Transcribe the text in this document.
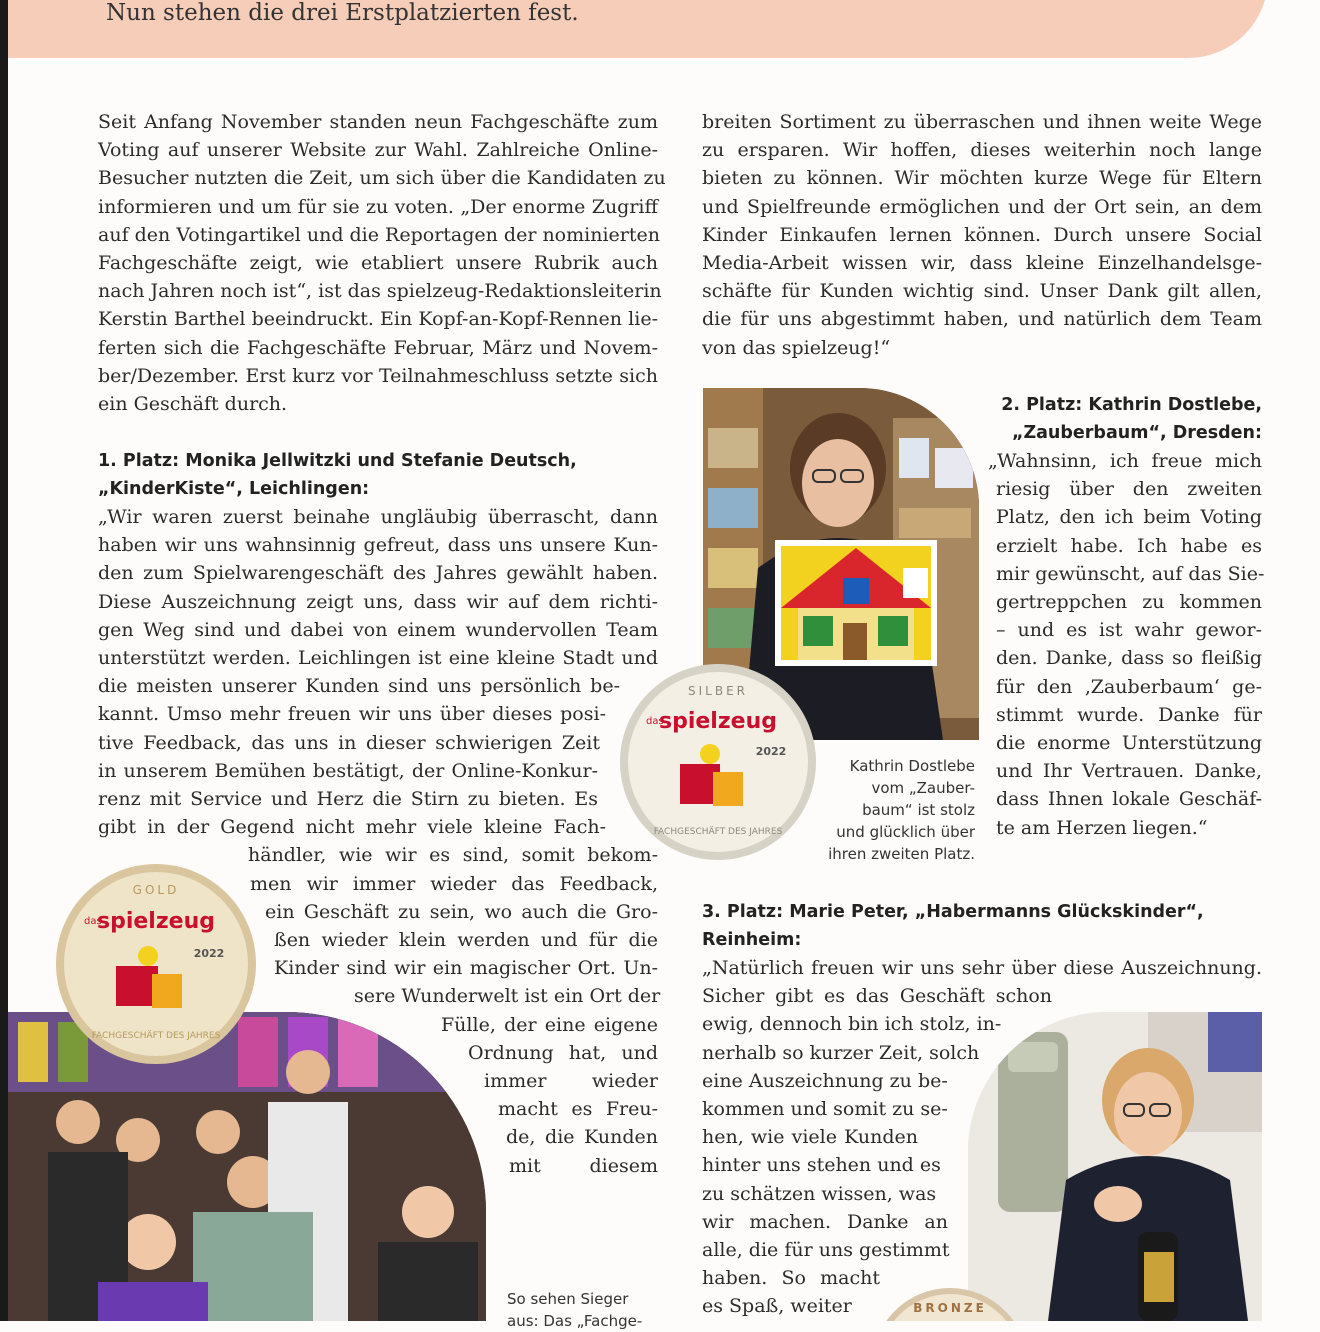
Nun stehen die drei Erstplatzierten fest.
Seit Anfang November standen neun Fachgeschäfte zum
Voting auf unserer Website zur Wahl. Zahlreiche Online-
Besucher nutzten die Zeit, um sich über die Kandidaten zu
informieren und um für sie zu voten. „Der enorme Zugriff
auf den Votingartikel und die Reportagen der nominierten
Fachgeschäfte zeigt, wie etabliert unsere Rubrik auch
nach Jahren noch ist“, ist das spielzeug-Redaktionsleiterin
Kerstin Barthel beeindruckt. Ein Kopf-an-Kopf-Rennen lie-
ferten sich die Fachgeschäfte Februar, März und Novem-
ber/Dezember. Erst kurz vor Teilnahmeschluss setzte sich
ein Geschäft durch.
1. Platz: Monika Jellwitzki und Stefanie Deutsch,
„KinderKiste“, Leichlingen:
„Wir waren zuerst beinahe ungläubig überrascht, dann
haben wir uns wahnsinnig gefreut, dass uns unsere Kun-
den zum Spielwarengeschäft des Jahres gewählt haben.
Diese Auszeichnung zeigt uns, dass wir auf dem richti-
gen Weg sind und dabei von einem wundervollen Team
unterstützt werden. Leichlingen ist eine kleine Stadt und
die meisten unserer Kunden sind uns persönlich be-
kannt. Umso mehr freuen wir uns über dieses posi-
tive Feedback, das uns in dieser schwierigen Zeit
in unserem Bemühen bestätigt, der Online-Konkur-
renz mit Service und Herz die Stirn zu bieten. Es
gibt in der Gegend nicht mehr viele kleine Fach-
händler, wie wir es sind, somit bekom-
men wir immer wieder das Feedback,
ein Geschäft zu sein, wo auch die Gro-
ßen wieder klein werden und für die
Kinder sind wir ein magischer Ort. Un-
sere Wunderwelt ist ein Ort der
Fülle, der eine eigene
Ordnung hat, und
immer wieder
macht es Freu-
de, die Kunden
mit diesem
breiten Sortiment zu überraschen und ihnen weite Wege
zu ersparen. Wir hoffen, dieses weiterhin noch lange
bieten zu können. Wir möchten kurze Wege für Eltern
und Spielfreunde ermöglichen und der Ort sein, an dem
Kinder Einkaufen lernen können. Durch unsere Social
Media-Arbeit wissen wir, dass kleine Einzelhandelsge-
schäfte für Kunden wichtig sind. Unser Dank gilt allen,
die für uns abgestimmt haben, und natürlich dem Team
von das spielzeug!“
SILBER
das
spielzeug
2022
FACHGESCHÄFT DES JAHRES
2. Platz: Kathrin Dostlebe,
„Zauberbaum“, Dresden:
„Wahnsinn, ich freue mich
riesig über den zweiten
Platz, den ich beim Voting
erzielt habe. Ich habe es
mir gewünscht, auf das Sie-
gertreppchen zu kommen
– und es ist wahr gewor-
den. Danke, dass so fleißig
für den ‚Zauberbaum‘ ge-
stimmt wurde. Danke für
die enorme Unterstützung
und Ihr Vertrauen. Danke,
dass Ihnen lokale Geschäf-
te am Herzen liegen.“
Kathrin Dostlebe
vom „Zauber-
baum“ ist stolz
und glücklich über
ihren zweiten Platz.
3. Platz: Marie Peter, „Habermanns Glückskinder“,
Reinheim:
„Natürlich freuen wir uns sehr über diese Auszeichnung.
Sicher gibt es das Geschäft schon
ewig, dennoch bin ich stolz, in-
nerhalb so kurzer Zeit, solch
eine Auszeichnung zu be-
kommen und somit zu se-
hen, wie viele Kunden
hinter uns stehen und es
zu schätzen wissen, was
wir machen. Danke an
alle, die für uns gestimmt
haben. So macht
es Spaß, weiter	BRONZE
GOLD
das
spielzeug
2022
FACHGESCHÄFT DES JAHRES
So sehen Sieger
aus: Das „Fachge-
